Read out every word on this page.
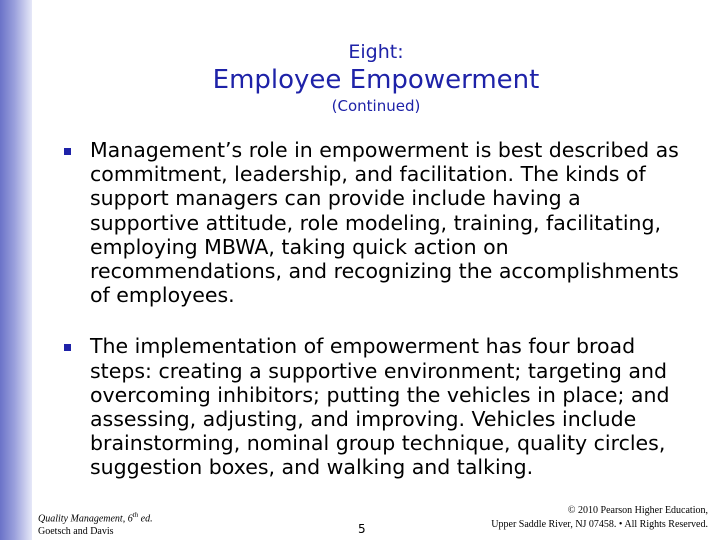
Eight:
Employee Empowerment
(Continued)
Management’s role in empowerment is best described as commitment, leadership, and facilitation. The kinds of support managers can provide include having a supportive attitude, role modeling, training, facilitating, employing MBWA, taking quick action on recommendations, and recognizing the accomplishments of employees.
The implementation of empowerment has four broad steps: creating a supportive environment; targeting and overcoming inhibitors; putting the vehicles in place; and assessing, adjusting, and improving. Vehicles include brainstorming, nominal group technique, quality circles, suggestion boxes, and walking and talking.
Quality Management, 6th ed.
Goetsch and Davis	5
© 2010 Pearson Higher Education,
Upper Saddle River, NJ 07458. • All Rights Reserved.
